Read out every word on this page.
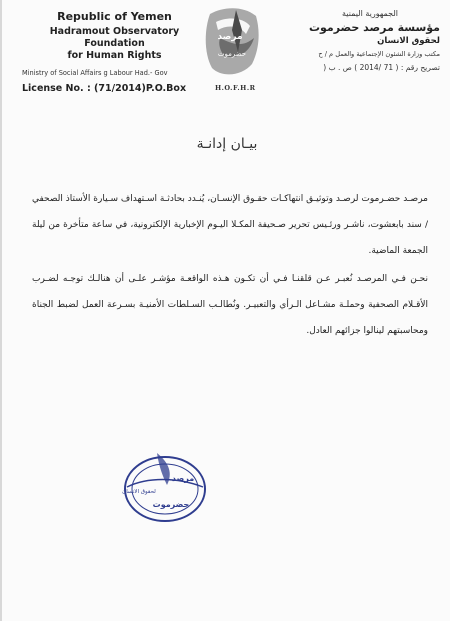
Republic of Yemen
Hadramout Observatory Foundation
for Human Rights
Ministry of Social Affairs g Labour Had.- Gov
License No. : (71/2014)P.O.Box
مرصد
حضرموت
H.O.F.H.R
الجمهورية اليمنية
مؤسسة مرصد حضرموت
لحقوق الانسان
مكتب وزارة الشئون الإجتماعية والعمل م / ح
تصريح رقم : ( 71 /2014 ) ص . ب (
بيـان إدانـة
مرصـد حضـرموت لرصـد وتوثيـق انتهاكـات حقـوق الإنسـان، يُنـدد بحادثـة اسـتهداف سـيارة الأستاذ الصحفي / سند بابعشوت، ناشـر ورئـيس تحرير صـحيفة المكـلا اليـوم الإخبارية الإلكترونية، في ساعة متأخرة من ليلة الجمعة الماضية.
نحـن فـي المرصـد نُعبـر عـن قلقنـا فـي أن تكـون هـذه الواقعـة مؤشـر علـى أن هنالـك توجـه لضـرب الأقـلام الصحفية وحملـة مشـاعل الـرأي والتعبيـر. ونُطالـب السـلطات الأمنيـة بسـرعة العمل لضبط الجناة ومحاسبتهم لينالوا جزائهم العادل.
مرصد
لحقوق الانسان
حضرموت
